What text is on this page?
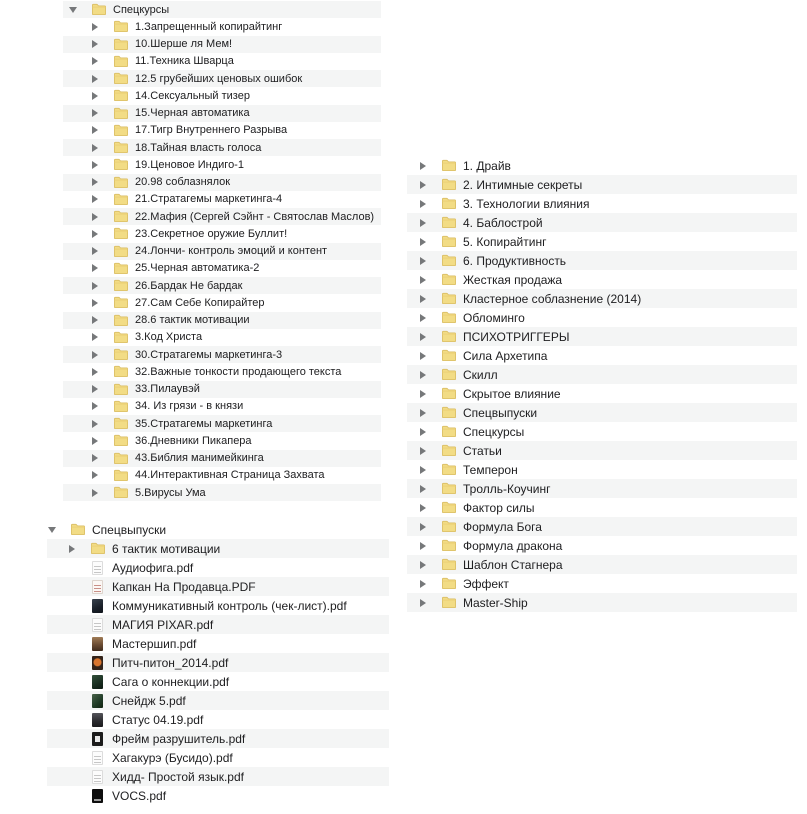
Спецкурсы
1.Запрещенный копирайтинг
10.Шерше ля Мем!
11.Техника Шварца
12.5 грубейших ценовых ошибок
14.Сексуальный тизер
15.Черная автоматика
17.Тигр Внутреннего Разрыва
18.Тайная власть голоса
19.Ценовое Индиго-1
20.98 соблазнялок
21.Стратагемы маркетинга-4
22.Мафия (Сергей Сэйнт - Святослав Маслов)
23.Секретное оружие Буллит!
24.Лончи- контроль эмоций и контент
25.Черная автоматика-2
26.Бардак Не бардак
27.Сам Себе Копирайтер
28.6 тактик мотивации
3.Код Христа
30.Стратагемы маркетинга-3
32.Важные тонкости продающего текста
33.Пилаувэй
34. Из грязи - в князи
35.Стратагемы маркетинга
36.Дневники Пикапера
43.Библия манимейкинга
44.Интерактивная Страница Захвата
5.Вирусы Ума
Спецвыпуски
6 тактик мотивации
Аудиофига.pdf
Капкан На Продавца.PDF
Коммуникативный контроль (чек-лист).pdf
МАГИЯ PIXAR.pdf
Мастершип.pdf
Питч-питон_2014.pdf
Сага о коннекции.pdf
Снейдж 5.pdf
Статус 04.19.pdf
Фрейм разрушитель.pdf
Хагакурэ (Бусидо).pdf
Хидд- Простой язык.pdf
VOCS.pdf
1. Драйв
2. Интимные секреты
3. Технологии влияния
4. Баблострой
5. Копирайтинг
6. Продуктивность
Жесткая продажа
Кластерное соблазнение (2014)
Обломинго
ПСИХОТРИГГЕРЫ
Сила Архетипа
Скилл
Скрытое влияние
Спецвыпуски
Спецкурсы
Статьи
Темперон
Тролль-Коучинг
Фактор силы
Формула Бога
Формула дракона
Шаблон Стагнера
Эффект
Master-Ship
